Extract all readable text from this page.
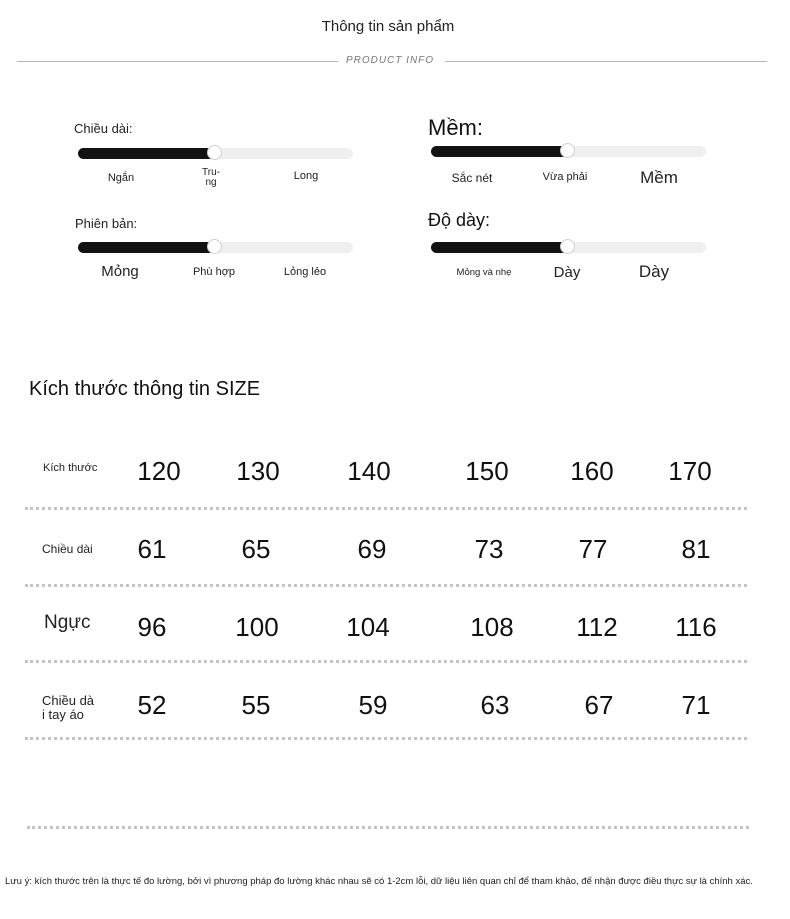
Thông tin sản phẩm
PRODUCT INFO
Chiều dài:
Ngắn	Tru-
ng
Long
Mềm:
Sắc nét	Vừa phải	Mềm
Phiên bản:
Mỏng	Phù hợp	Lỏng lẻo
Độ dày:
Mỏng và nhẹ	Dày	Dày
Kích thước thông tin SIZE
Kích thước	120	130	140	150	160	170
Chiều dài	61	65	69	73	77	81
Ngực	96	100	104	108	112	116
Chiều dà
i tay áo	52	55	59	63	67	71
Lưu ý: kích thước trên là thực tế đo lường, bởi vì phương pháp đo lường khác nhau sẽ có 1-2cm lỗi, dữ liệu liên quan chỉ để tham khảo, để nhận được điều thực sự là chính xác.
